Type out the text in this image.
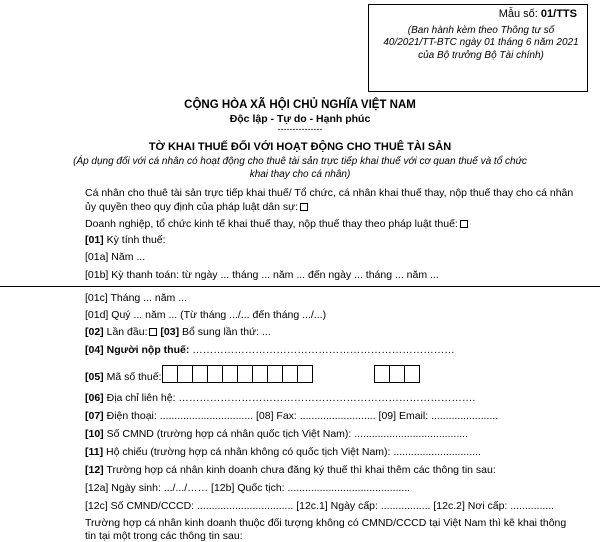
Mẫu số: 01/TTS
(Ban hành kèm theo Thông tư số 40/2021/TT-BTC ngày 01 tháng 6 năm 2021 của Bộ trưởng Bộ Tài chính)
CỘNG HÒA XÃ HỘI CHỦ NGHĨA VIỆT NAM
Độc lập - Tự do - Hạnh phúc
---------------
TỜ KHAI THUẾ ĐỐI VỚI HOẠT ĐỘNG CHO THUÊ TÀI SẢN
(Áp dụng đối với cá nhân có hoạt động cho thuê tài sản trực tiếp khai thuế với cơ quan thuế và tổ chức
khai thay cho cá nhân)
Cá nhân cho thuê tài sản trực tiếp khai thuế/ Tổ chức, cá nhân khai thuế thay, nộp thuế thay cho cá nhân
ủy quyền theo quy định của pháp luật dân sự:
Doanh nghiệp, tổ chức kinh tế khai thuế thay, nộp thuế thay theo pháp luật thuế:
[01] Kỳ tính thuế:
[01a] Năm ...
[01b] Kỳ thanh toán: từ ngày ... tháng ... năm ... đến ngày ... tháng ... năm ...
[01c] Tháng ... năm ...
[01d] Quý ... năm ... (Từ tháng .../... đến tháng .../...)
[02] Lần đầu: [03] Bổ sung lần thứ: ...
[04] Người nộp thuế: …………………………………………………………………
[05] Mã số thuế:
[06] Địa chỉ liên hệ: ………………………………………………………………………….
[07] Điện thoại: ................................ [08] Fax: .......................... [09] Email: .......................
[10] Số CMND (trường hợp cá nhân quốc tịch Việt Nam): .......................................
[11] Hộ chiếu (trường hợp cá nhân không có quốc tịch Việt Nam): ..............................
[12] Trường hợp cá nhân kinh doanh chưa đăng ký thuế thì khai thêm các thông tin sau:
[12a] Ngày sinh: .../.../…… [12b] Quốc tịch: ..........................................
[12c] Số CMND/CCCD: ................................. [12c.1] Ngày cấp: ................. [12c.2] Nơi cấp: ...............
Trường hợp cá nhân kinh doanh thuộc đối tượng không có CMND/CCCD tại Việt Nam thì kê khai thông
tin tại một trong các thông tin sau:
